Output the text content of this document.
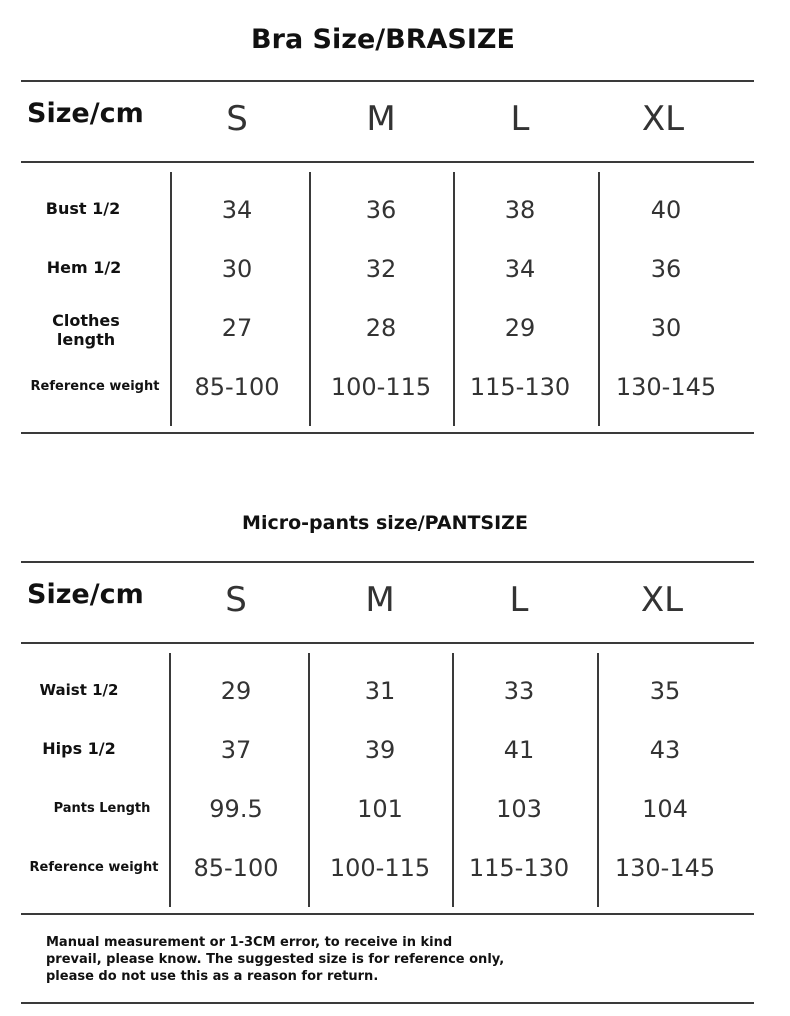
Bra Size/BRASIZE
Size/cm	S	M	L	XL
Bust 1/2	34	36	38	40
Hem 1/2	30	32	34	36
Clothes length	27	28	29	30
Reference weight	85-100	100-115	115-130	130-145
Micro-pants size/PANTSIZE
Size/cm	S	M	L	XL
Waist 1/2	29	31	33	35
Hips 1/2	37	39	41	43
Pants Length	99.5	101	103	104
Reference weight	85-100	100-115	115-130	130-145
Manual measurement or 1-3CM error, to receive in kind
prevail, please know. The suggested size is for reference only,
please do not use this as a reason for return.
